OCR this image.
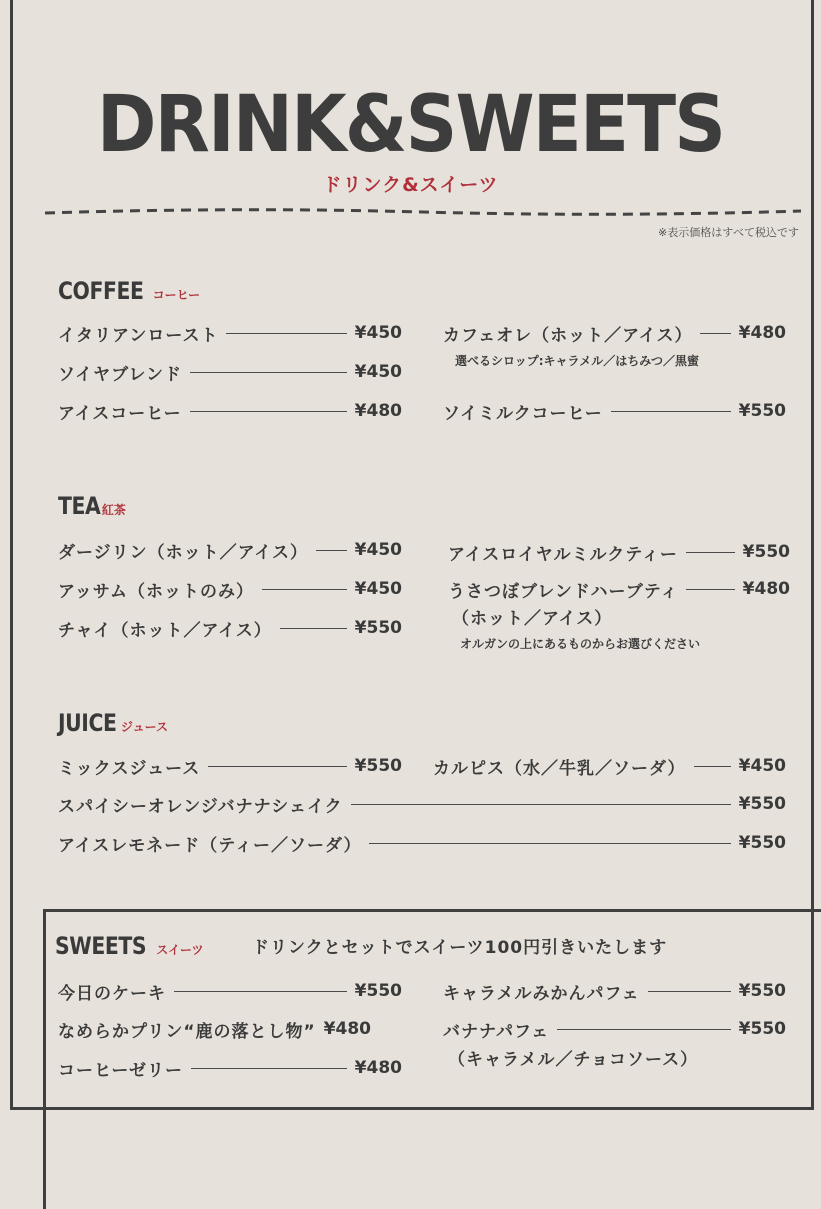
DRINK&SWEETS
ドリンク&スイーツ
※表示価格はすべて税込です
COFFEE コーヒー
イタリアンロースト	¥450
ソイヤブレンド	¥450
アイスコーヒー	¥480
カフェオレ（ホット／アイス）	¥480
選べるシロップ:キャラメル／はちみつ／黒蜜
ソイミルクコーヒー	¥550
TEA 紅茶
ダージリン（ホット／アイス）	¥450
アッサム（ホットのみ）	¥450
チャイ（ホット／アイス）	¥550
アイスロイヤルミルクティー	¥550
うさつぼブレンドハーブティ	¥480
（ホット／アイス）
オルガンの上にあるものからお選びください
JUICE ジュース
ミックスジュース	¥550 カルピス（水／牛乳／ソーダ）	¥450
スパイシーオレンジバナナシェイク	¥550
アイスレモネード（ティー／ソーダ）	¥550
SWEETS スイーツ	ドリンクとセットでスイーツ100円引きいたします
今日のケーキ	¥550
なめらかプリン“鹿の落とし物” ¥480
コーヒーゼリー	¥480
キャラメルみかんパフェ	¥550
バナナパフェ	¥550
（キャラメル／チョコソース）
